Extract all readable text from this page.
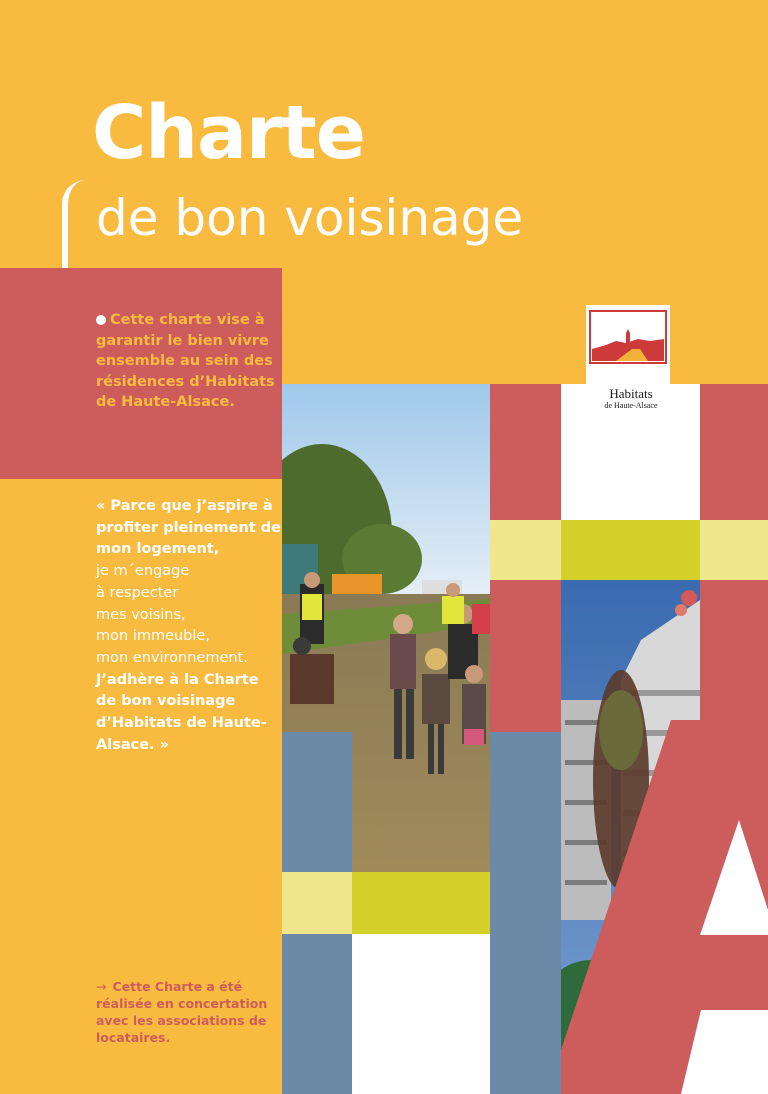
Charte
de bon voisinage
Cette charte vise à garantir le bien vivre ensemble au sein des résidences d’Habitats de Haute-Alsace.
« Parce que j’aspire à profiter pleinement de mon logement,
je m´engage
à respecter
mes voisins,
mon immeuble,
mon environnement.
J’adhère à la Charte de bon voisinage d’Habitats de Haute-Alsace. »
→ Cette Charte a été réalisée en concertation avec les associations de locataires.
Habitats
de Haute-Alsace
